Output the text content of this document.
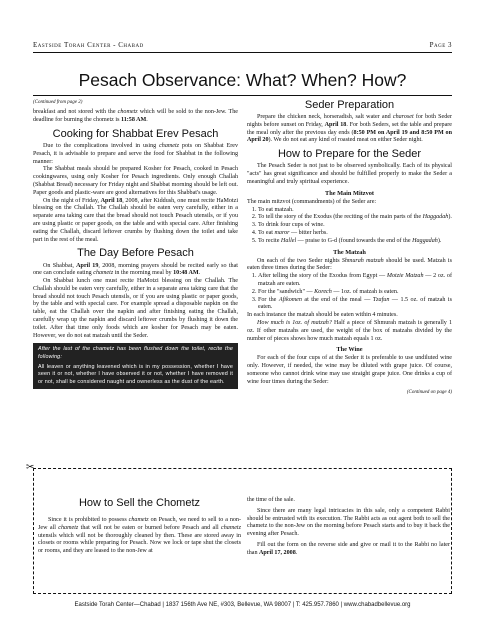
Eastside Torah Center - Chabad	Page 3
Pesach Observance: What? When? How?

(Continued from page 2)

breakfast and not stored with the chometz which will be sold to the non-Jew. The deadline for burning the chometz is 11:58 AM.

Cooking for Shabbat Erev Pesach

Due to the complications involved in using chametz pots on Shabbat Erev Pesach, it is advisable to prepare and serve the food for Shabbat in the following manner:

The Shabbat meals should be prepared Kosher for Pesach, cooked in Pesach cookingwares, using only Kosher for Pesach ingredients. Only enough Challah (Shabbat Bread) necessary for Friday night and Shabbat morning should be left out. Paper goods and plastic-ware are good alternatives for this Shabbat's usage.

On the night of Friday, April 18, 2008, after Kiddush, one must recite HaMotzi blessing on the Challah. The Challah should be eaten very carefully, either in a separate area taking care that the bread should not touch Pesach utensils, or if you are using plastic or paper goods, on the table and with special care. After finishing eating the Challah, discard leftover crumbs by flushing down the toilet and take part in the rest of the meal.

The Day Before Pesach

On Shabbat, April 19, 2008, morning prayers should be recited early so that one can conclude eating chametz in the morning meal by 10:48 AM.

On Shabbat lunch one must recite HaMotzi blessing on the Challah. The Challah should be eaten very carefully, either in a separate area taking care that the bread should not touch Pesach utensils, or if you are using plastic or paper goods, by the table and with special care. For example spread a disposable napkin on the table, eat the Challah over the napkin and after finishing eating the Challah, carefully wrap up the napkin and discard leftover crumbs by flushing it down the toilet. After that time only foods which are kosher for Pesach may be eaten. However, we do not eat matzah until the Seder.

After the last of the chametz has been flushed down the toilet, recite the following:
All leaven or anything leavened which is in my possession, whether I have seen it or not, whether I have observed it or not, whether I have removed it or not, shall be considered naught and ownerless as the dust of the earth.
Seder Preparation

Prepare the chicken neck, horseradish, salt water and charoset for both Seder nights before sunset on Friday, April 18. For both Seders, set the table and prepare the meal only after the previous day ends (8:50 PM on April 19 and 8:50 PM on April 20). We do not eat any kind of roasted meat on either Seder night.

How to Prepare for the Seder

The Pesach Seder is not just to be observed symbolically. Each of its physical "acts" has great significance and should be fulfilled properly to make the Seder a meaningful and truly spiritual experience.

The Main Mitzvot

The main mitzvot (commandments) of the Seder are:

1. To eat matzah.
2. To tell the story of the Exodus (the reciting of the main parts of the Haggadah).
3. To drink four cups of wine.
4. To eat maror — bitter herbs.
5. To recite Hallel — praise to G-d (found towards the end of the Haggadah).
The Matzah

On each of the two Seder nights Shmurah matzah should be used. Matzah is eaten three times during the Seder:

1. After telling the story of the Exodus from Egypt — Motzie Matzah — 2 oz. of matzah are eaten.
2. For the "sandwich" — Korech — 1oz. of matzah is eaten.
3. For the Afikomen at the end of the meal — Tzafun — 1.5 oz. of matzah is eaten.

In each instance the matzah should be eaten within 4 minutes.

How much is 1oz. of matzah? Half a piece of Shmurah matzah is generally 1 oz. If other matzahs are used, the weight of the box of matzahs divided by the number of pieces shows how much matzah equals 1 oz.

The Wine

For each of the four cups of at the Seder it is preferable to use undiluted wine only. However, if needed, the wine may be diluted with grape juice. Of course, someone who cannot drink wine may use straight grape juice. One drinks a cup of wine four times during the Seder:

(Continued on page 4)
✂
How to Sell the Chometz

Since it is prohibited to possess chametz on Pesach, we need to sell to a non-Jew all chametz that will not be eaten or burned before Pesach and all chametz utensils which will not be thoroughly cleaned by then. These are stored away in closets or rooms while preparing for Pesach. Now we lock or tape shut the closets or rooms, and they are leased to the non-Jew at

the time of the sale.

Since there are many legal intricacies in this sale, only a competent Rabbi should be entrusted with its execution. The Rabbi acts as out agent both to sell the chametz to the non-Jew on the morning before Pesach starts and to buy it back the evening after Pesach.

Fill out the form on the reverse side and give or mail it to the Rabbi no later than April 17, 2008.

Eastside Torah Center—Chabad | 1837 156th Ave NE, #303, Bellevue, WA 98007 | T: 425.957.7860 | www.chabadbellevue.org
